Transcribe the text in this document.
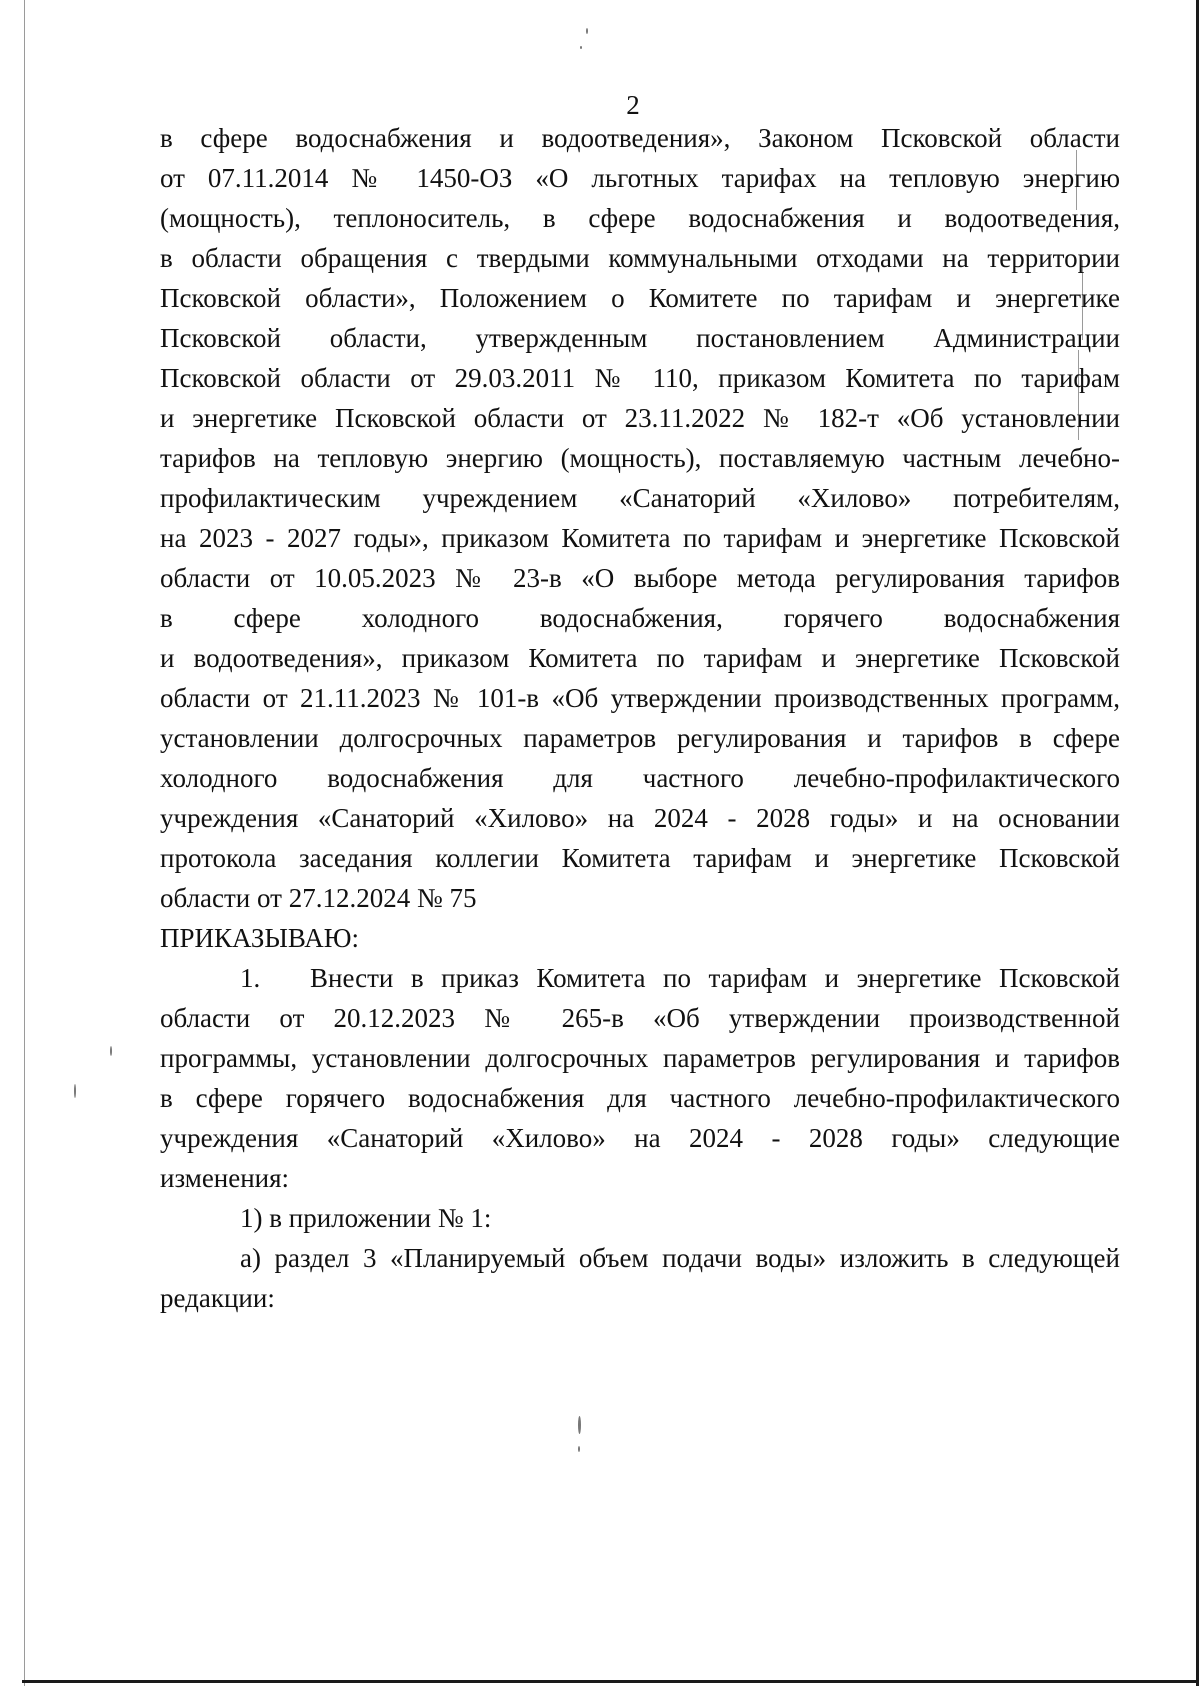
2

в сфере водоснабжения и водоотведения», Законом Псковской области
от 07.11.2014 № 1450-ОЗ «О льготных тарифах на тепловую энергию
(мощность), теплоноситель, в сфере водоснабжения и водоотведения,
в области обращения с твердыми коммунальными отходами на территории
Псковской области», Положением о Комитете по тарифам и энергетике
Псковской области, утвержденным постановлением Администрации
Псковской области от 29.03.2011 № 110, приказом Комитета по тарифам
и энергетике Псковской области от 23.11.2022 № 182-т «Об установлении
тарифов на тепловую энергию (мощность), поставляемую частным лечебно-
профилактическим учреждением «Санаторий «Хилово» потребителям,
на 2023 - 2027 годы», приказом Комитета по тарифам и энергетике Псковской
области от 10.05.2023 № 23-в «О выборе метода регулирования тарифов
в сфере холодного водоснабжения, горячего водоснабжения
и водоотведения», приказом Комитета по тарифам и энергетике Псковской
области от 21.11.2023 № 101-в «Об утверждении производственных программ,
установлении долгосрочных параметров регулирования и тарифов в сфере
холодного водоснабжения для частного лечебно-профилактического
учреждения «Санаторий «Хилово» на 2024 - 2028 годы» и на основании
протокола заседания коллегии Комитета тарифам и энергетике Псковской
области от 27.12.2024 № 75

ПРИКАЗЫВАЮ:

1. Внести в приказ Комитета по тарифам и энергетике Псковской
области от 20.12.2023 № 265-в «Об утверждении производственной
программы, установлении долгосрочных параметров регулирования и тарифов
в сфере горячего водоснабжения для частного лечебно-профилактического
учреждения «Санаторий «Хилово» на 2024 - 2028 годы» следующие
изменения:

1) в приложении № 1:

а) раздел 3 «Планируемый объем подачи воды» изложить в следующей
редакции:
